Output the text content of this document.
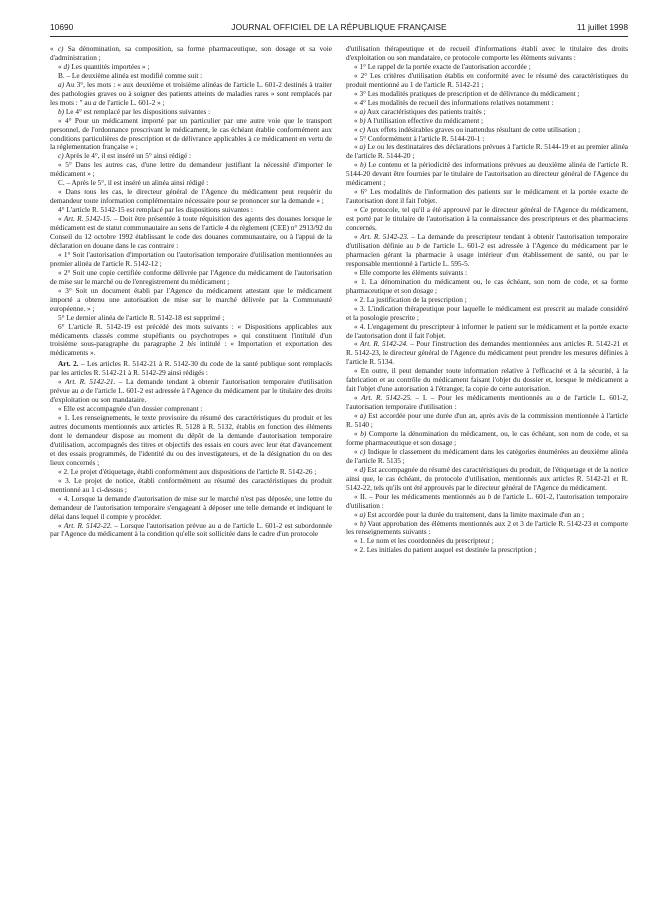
10690	JOURNAL OFFICIEL DE LA RÉPUBLIQUE FRANÇAISE	11 juillet 1998

« c) Sa dénomination, sa composition, sa forme pharmaceutique, son dosage et sa voie d'administration ;

« d) Les quantités importées » ;

B. – Le deuxième alinéa est modifié comme suit :

a) Au 3°, les mots : « aux deuxième et troisième alinéas de l'article L. 601-2 destinés à traiter des pathologies graves ou à soigner des patients atteints de maladies rares » sont remplacés par les mots : " au a de l'article L. 601-2 » ;

b) Le 4° est remplacé par les dispositions suivantes :

« 4° Pour un médicament importé par un particulier par une autre voie que le transport personnel, de l'ordonnance prescrivant le médicament, le cas échéant établie conformément aux conditions particulières de prescription et de délivrance applicables à ce médicament en vertu de la réglementation française » ;

c) Après le 4°, il est inséré un 5° ainsi rédigé :

« 5° Dans les autres cas, d'une lettre du demandeur justifiant la nécessité d'importer le médicament » ;

C. – Après le 5°, il est inséré un alinéa ainsi rédigé :

« Dans tous les cas, le directeur général de l'Agence du médicament peut requérir du demandeur toute information complémentaire nécessaire pour se prononcer sur la demande » ;

4° L'article R. 5142-15 est remplacé par les dispositions suivantes :

« Art. R. 5142-15. – Doit être présentée à toute réquisition des agents des douanes lorsque le médicament est de statut communautaire au sens de l'article 4 du règlement (CEE) n° 2913/92 du Conseil du 12 octobre 1992 établissant le code des douanes communautaire, ou à l'appui de la déclaration en douane dans le cas contraire :

« 1° Soit l'autorisation d'importation ou l'autorisation temporaire d'utilisation mentionnées au premier alinéa de l'article R. 5142-12 ;

« 2° Soit une copie certifiée conforme délivrée par l'Agence du médicament de l'autorisation de mise sur le marché ou de l'enregistrement du médicament ;

« 3° Soit un document établi par l'Agence du médicament attestant que le médicament importé a obtenu une autorisation de mise sur le marché délivrée par la Communauté européenne. » ;

5° Le dernier alinéa de l'article R. 5142-18 est supprimé ;

6° L'article R. 5142-19 est précédé des mots suivants : « Dispositions applicables aux médicaments classés comme stupéfiants ou psychotropes » qui constituent l'intitulé d'un troisième sous-paragraphe du paragraphe 2 bis intitulé : « Importation et exportation des médicaments ».

Art. 2. – Les articles R. 5142-21 à R. 5142-30 du code de la santé publique sont remplacés par les articles R. 5142-21 à R. 5142-29 ainsi rédigés :

« Art. R. 5142-21. – La demande tendant à obtenir l'autorisation temporaire d'utilisation prévue au a de l'article L. 601-2 est adressée à l'Agence du médicament par le titulaire des droits d'exploitation ou son mandataire.

« Elle est accompagnée d'un dossier comprenant :

« 1. Les renseignements, le texte provisoire du résumé des caractéristiques du produit et les autres documents mentionnés aux articles R. 5128 à R. 5132, établis en fonction des éléments dont le demandeur dispose au moment du dépôt de la demande d'autorisation temporaire d'utilisation, accompagnés des titres et objectifs des essais en cours avec leur état d'avancement et des essais programmés, de l'identité du ou des investigateurs, et de la désignation du ou des lieux concernés ;

« 2. Le projet d'étiquetage, établi conformément aux dispositions de l'article R. 5142-26 ;

« 3. Le projet de notice, établi conformément au résumé des caractéristiques du produit mentionné au 1 ci-dessus ;

« 4. Lorsque la demande d'autorisation de mise sur le marché n'est pas déposée, une lettre du demandeur de l'autorisation temporaire s'engageant à déposer une telle demande et indiquant le délai dans lequel il compte y procéder.

« Art. R. 5142-22. – Lorsque l'autorisation prévue au a de l'article L. 601-2 est subordonnée par l'Agence du médicament à la condition qu'elle soit sollicitée dans le cadre d'un protocole

d'utilisation thérapeutique et de recueil d'informations établi avec le titulaire des droits d'exploitation ou son mandataire, ce protocole comporte les éléments suivants :

« 1° Le rappel de la portée exacte de l'autorisation accordée ;

« 2° Les critères d'utilisation établis en conformité avec le résumé des caractéristiques du produit mentionné au 1 de l'article R. 5142-21 ;

« 3° Les modalités pratiques de prescription et de délivrance du médicament ;

« 4° Les modalités de recueil des informations relatives notamment :

« a) Aux caractéristiques des patients traités ;

« b) A l'utilisation effective du médicament ;

« c) Aux effets indésirables graves ou inattendus résultant de cette utilisation ;

« 5° Conformément à l'article R. 5144-20-1 :

« a) Le ou les destinataires des déclarations prévues à l'article R. 5144-19 et au premier alinéa de l'article R. 5144-20 ;

« b) Le contenu et la périodicité des informations prévues au deuxième alinéa de l'article R. 5144-20 devant être fournies par le titulaire de l'autorisation au directeur général de l'Agence du médicament ;

« 6° Les modalités de l'information des patients sur le médicament et la portée exacte de l'autorisation dont il fait l'objet.

« Ce protocole, tel qu'il a été approuvé par le directeur général de l'Agence du médicament, est porté par le titulaire de l'autorisation à la connaissance des prescripteurs et des pharmaciens concernés.

« Art. R. 5142-23. – La demande du prescripteur tendant à obtenir l'autorisation temporaire d'utilisation définie au b de l'article L. 601-2 est adressée à l'Agence du médicament par le pharmacien gérant la pharmacie à usage intérieur d'un établissement de santé, ou par le responsable mentionné à l'article L. 595-5.

« Elle comporte les éléments suivants :

« 1. La dénomination du médicament ou, le cas échéant, son nom de code, et sa forme pharmaceutique et son dosage ;

« 2. La justification de la prescription ;

« 3. L'indication thérapeutique pour laquelle le médicament est prescrit au malade considéré et la posologie prescrite ;

« 4. L'engagement du prescripteur à informer le patient sur le médicament et la portée exacte de l'autorisation dont il fait l'objet.

« Art. R. 5142-24. – Pour l'instruction des demandes mentionnées aux articles R. 5142-21 et R. 5142-23, le directeur général de l'Agence du médicament peut prendre les mesures définies à l'article R. 5134.

« En outre, il peut demander toute information relative à l'efficacité et à la sécurité, à la fabrication et au contrôle du médicament faisant l'objet du dossier et, lorsque le médicament a fait l'objet d'une autorisation à l'étranger, la copie de cette autorisation.

« Art. R. 5142-25. – I. – Pour les médicaments mentionnés au a de l'article L. 601-2, l'autorisation temporaire d'utilisation :

« a) Est accordée pour une durée d'un an, après avis de la commission mentionnée à l'article R. 5140 ;

« b) Comporte la dénomination du médicament, ou, le cas échéant, son nom de code, et sa forme pharmaceutique et son dosage ;

« c) Indique le classement du médicament dans les catégories énumérées au deuxième alinéa de l'article R. 5135 ;

« d) Est accompagnée du résumé des caractéristiques du produit, de l'étiquetage et de la notice ainsi que, le cas échéant, du protocole d'utilisation, mentionnés aux articles R. 5142-21 et R. 5142-22, tels qu'ils ont été approuvés par le directeur général de l'Agence du médicament.

« II. – Pour les médicaments mentionnés au b de l'article L. 601-2, l'autorisation temporaire d'utilisation :

« a) Est accordée pour la durée du traitement, dans la limite maximale d'un an ;

« b) Vaut approbation des éléments mentionnés aux 2 et 3 de l'article R. 5142-23 et comporte les renseignements suivants :

« 1. Le nom et les coordonnées du prescripteur ;

« 2. Les initiales du patient auquel est destinée la prescription ;
